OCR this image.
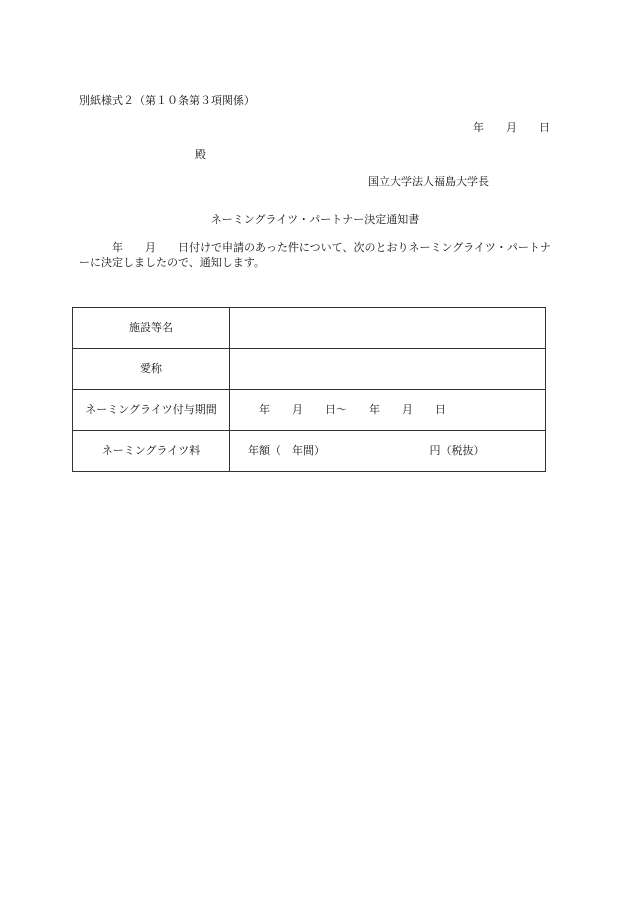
別紙様式２（第１０条第３項関係）
年　　月　　日
殿
国立大学法人福島大学長
ネーミングライツ・パートナー決定通知書
　　　年　　月　　日付けで申請のあった件について、次のとおりネーミングライツ・パートナーに決定しましたので、通知します。
施設等名	
愛称	
ネーミングライツ付与期間	　年　　月　　日～　　年　　月　　日
ネーミングライツ料	年額（　年間）　　　　　　　　　　円（税抜）
